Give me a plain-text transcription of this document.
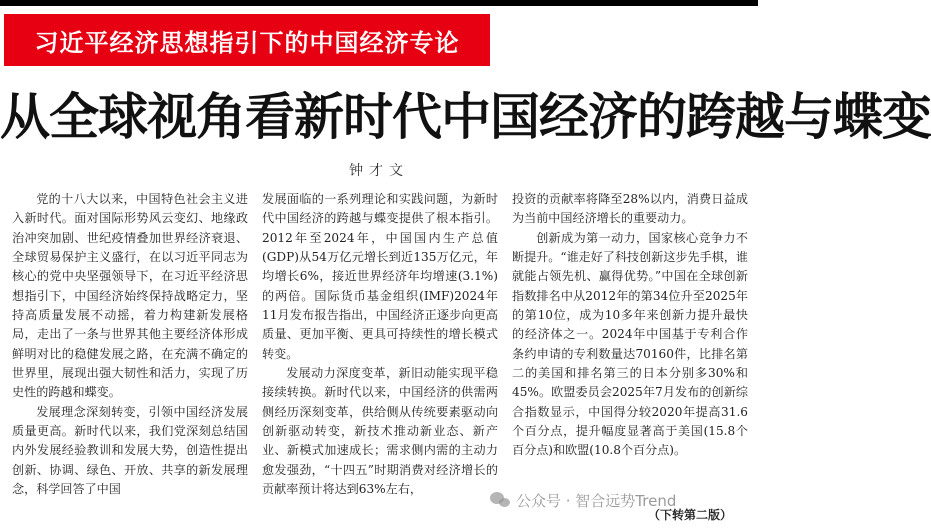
习近平经济思想指引下的中国经济专论
从全球视角看新时代中国经济的跨越与蝶变
钟才文

党的十八大以来，中国特色社会主义进入新时代。面对国际形势风云变幻、地缘政治冲突加剧、世纪疫情叠加世界经济衰退、全球贸易保护主义盛行，在以习近平同志为核心的党中央坚强领导下，在习近平经济思想指引下，中国经济始终保持战略定力，坚持高质量发展不动摇，着力构建新发展格局，走出了一条与世界其他主要经济体形成鲜明对比的稳健发展之路，在充满不确定的世界里，展现出强大韧性和活力，实现了历史性的跨越和蝶变。

发展理念深刻转变，引领中国经济发展质量更高。新时代以来，我们党深刻总结国内外发展经验教训和发展大势，创造性提出创新、协调、绿色、开放、共享的新发展理念，科学回答了中国

发展面临的一系列理论和实践问题，为新时代中国经济的跨越与蝶变提供了根本指引。2012年至2024年，中国国内生产总值(GDP)从54万亿元增长到近135万亿元，年均增长6%，接近世界经济年均增速(3.1%)的两倍。国际货币基金组织(IMF)2024年11月发布报告指出，中国经济正逐步向更高质量、更加平衡、更具可持续性的增长模式转变。

发展动力深度变革，新旧动能实现平稳接续转换。新时代以来，中国经济的供需两侧经历深刻变革，供给侧从传统要素驱动向创新驱动转变，新技术推动新业态、新产业、新模式加速成长；需求侧内需的主动力愈发强劲，“十四五”时期消费对经济增长的贡献率预计将达到63%左右，

投资的贡献率将降至28%以内，消费日益成为当前中国经济增长的重要动力。

创新成为第一动力，国家核心竞争力不断提升。“谁走好了科技创新这步先手棋，谁就能占领先机、赢得优势。”中国在全球创新指数排名中从2012年的第34位升至2025年的第10位，成为10多年来创新力提升最快的经济体之一。2024年中国基于专利合作条约申请的专利数量达70160件，比排名第二的美国和排名第三的日本分别多30%和45%。欧盟委员会2025年7月发布的创新综合指数显示，中国得分较2020年提高31.6个百分点，提升幅度显著高于美国(15.8个百分点)和欧盟(10.8个百分点)。

公众号 · 智合远势Trend
（下转第二版）
